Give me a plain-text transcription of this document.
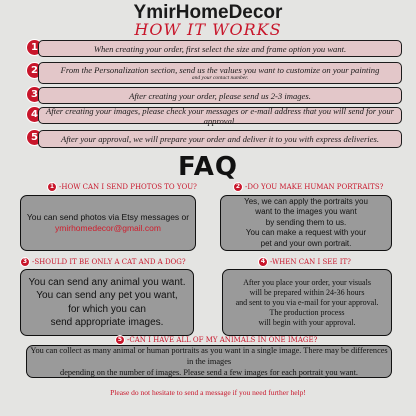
YmirHomeDecor
HOW IT WORKS
1	When creating your order, first select the size and frame option you want.
2	From the Personalization section, send us the values you want to customize on your painting
and your contact number.
3	After creating your order, please send us 2-3 images.
4 After creating your images, please check your messages or e-mail address that you will send for your approval.
5	After your approval, we will prepare your order and deliver it to you with express deliveries.
FAQ
1 -HOW CAN I SEND PHOTOS TO YOU?
You can send photos via Etsy messages or
ymirhomedecor@gmail.com
2 -DO YOU MAKE HUMAN PORTRAITS?
Yes, we can apply the portraits you
want to the images you want
by sending them to us.
You can make a request with your
pet and your own portrait.
3 -SHOULD IT BE ONLY A CAT AND A DOG?
You can send any animal you want.
You can send any pet you want,
for which you can
send appropriate images.
4 -WHEN CAN I SEE IT?
After you place your order, your visuals
will be prepared within 24-36 hours
and sent to you via e-mail for your approval.
The production process
will begin with your approval.
5 -CAN I HAVE ALL OF MY ANIMALS IN ONE IMAGE?
You can collect as many animal or human portraits as you want in a single image. There may be differences in the images
depending on the number of images. Please send a few images for each portrait you want.
Please do not hesitate to send a message if you need further help!
